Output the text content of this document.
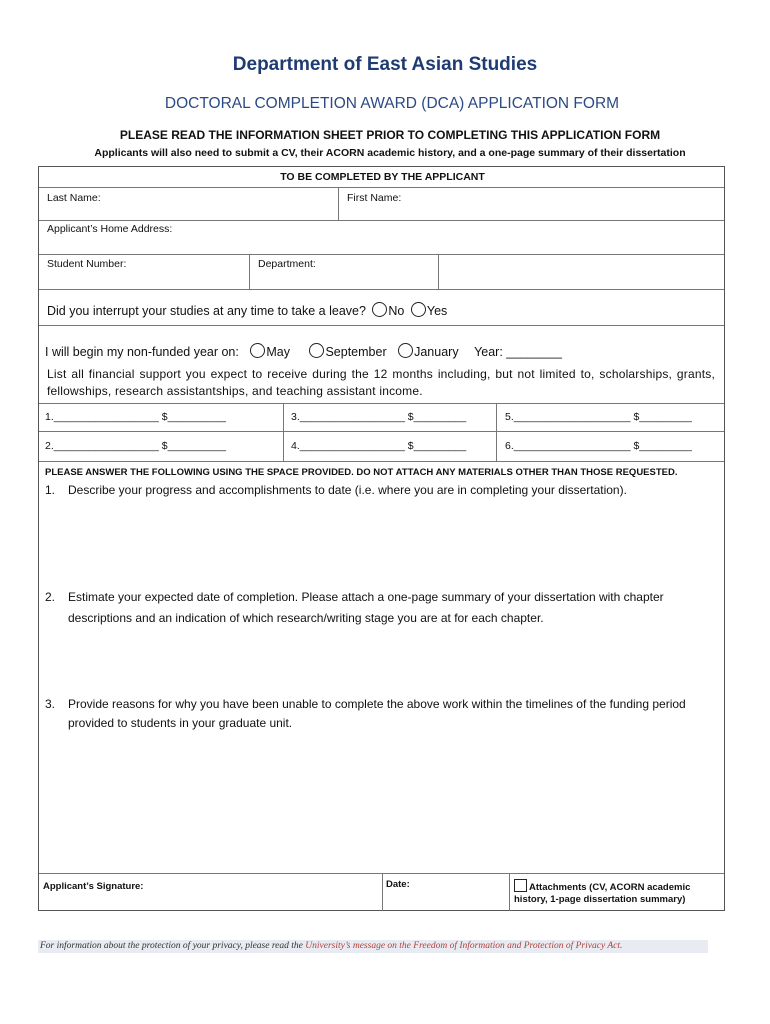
Department of East Asian Studies
DOCTORAL COMPLETION AWARD (DCA) APPLICATION FORM
PLEASE READ THE INFORMATION SHEET PRIOR TO COMPLETING THIS APPLICATION FORM
Applicants will also need to submit a CV, their ACORN academic history, and a one-page summary of their dissertation
TO BE COMPLETED BY THE APPLICANT
Last Name:	First Name:
Applicant’s Home Address:
Student Number:	Department:
Did you interrupt your studies at any time to take a leave? No Yes
I will begin my non-funded year on: May	September January Year: ________
List all financial support you expect to receive during the 12 months including, but not limited to, scholarships, grants, fellowships, research assistantships, and teaching assistant income.
1.__________________ $__________	3.__________________ $_________	5.____________________ $_________
2.__________________ $__________	4.__________________ $_________	6.____________________ $_________
PLEASE ANSWER THE FOLLOWING USING THE SPACE PROVIDED. DO NOT ATTACH ANY MATERIALS OTHER THAN THOSE REQUESTED.
1. Describe your progress and accomplishments to date (i.e. where you are in completing your dissertation).
2. Estimate your expected date of completion. Please attach a one-page summary of your dissertation with chapter descriptions and an indication of which research/writing stage you are at for each chapter.
3. Provide reasons for why you have been unable to complete the above work within the timelines of the funding period provided to students in your graduate unit.
Applicant’s Signature:	Date:	Attachments (CV, ACORN academic history, 1-page dissertation summary)
For information about the protection of your privacy, please read the University’s message on the Freedom of Information and Protection of Privacy Act.
